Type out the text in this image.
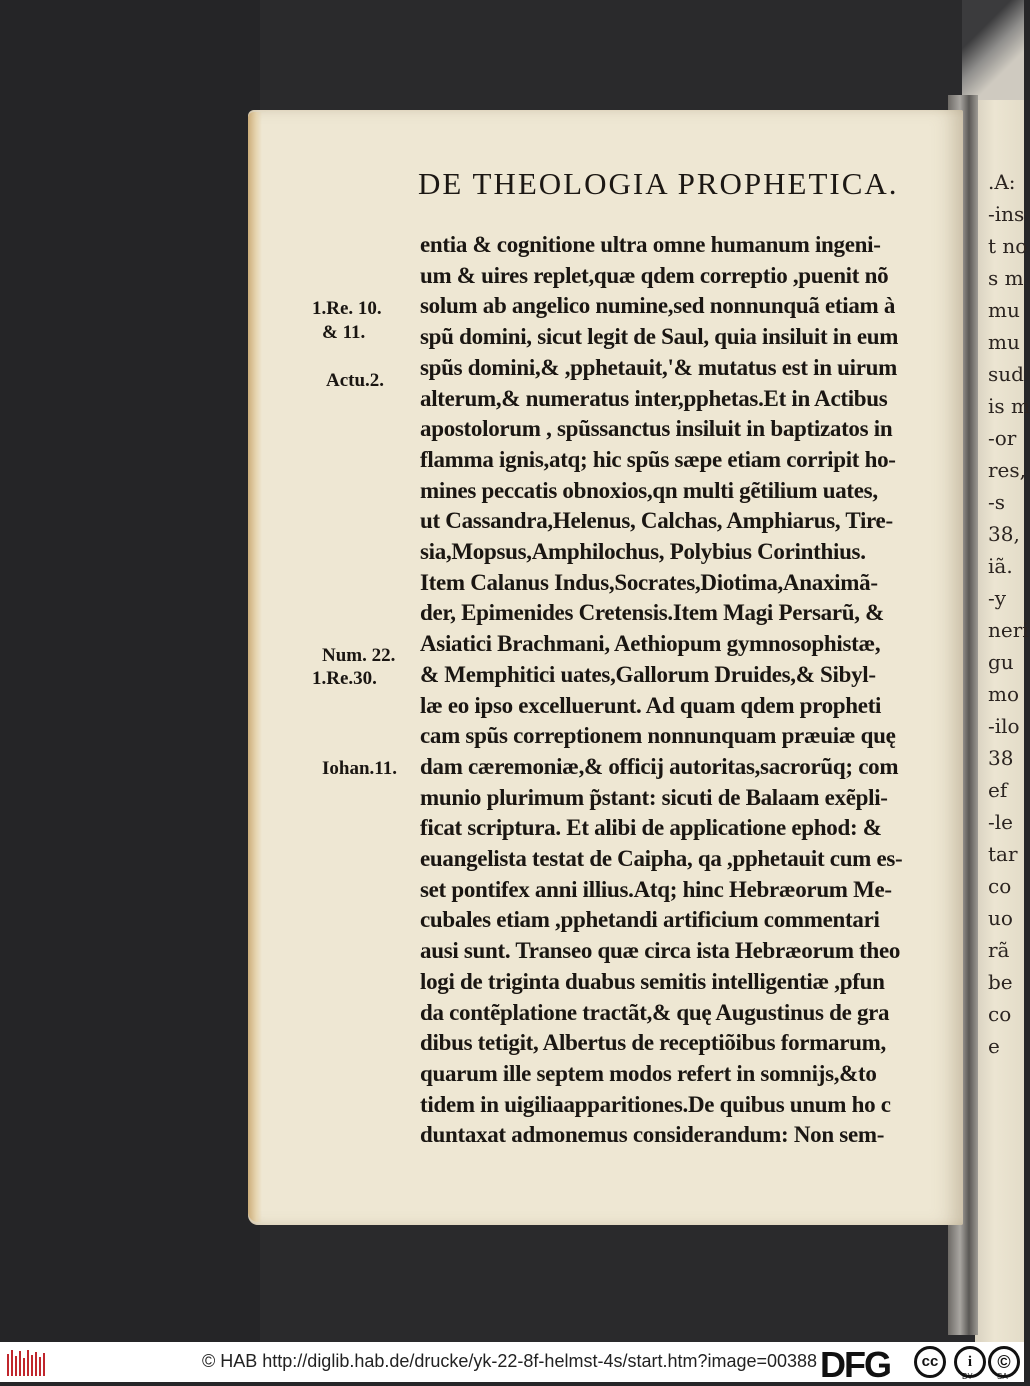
.A:
-ins
t no
s m
mu
mu
sud
is m
-or
res,
-s
38,
iã.
-y
neri
gu
mo
-ilo
38
ef
-le
tar
co
uo
rã
be
co
e
DE THEOLOGIA PROPHETICA.
entia & cognitione ultra omne humanum ingeni-
um & uires replet,quæ qdem correptio ,puenit nõ
solum ab angelico numine,sed nonnunquã etiam à
spũ domini, sicut legit de Saul, quia insiluit in eum
spũs domini,& ,pphetauit,'& mutatus est in uirum
alterum,& numeratus inter,pphetas.Et in Actibus
apostolorum , spũssanctus insiluit in baptizatos in
flamma ignis,atq; hic spũs sæpe etiam corripit ho-
mines peccatis obnoxios,qn multi gẽtilium uates,
ut Cassandra,Helenus, Calchas, Amphiarus, Tire-
sia,Mopsus,Amphilochus, Polybius Corinthius.
Item Calanus Indus,Socrates,Diotima,Anaximã-
der, Epimenides Cretensis.Item Magi Persarũ, &
Asiatici Brachmani, Aethiopum gymnosophistæ,
& Memphitici uates,Gallorum Druides,& Sibyl-
læ eo ipso excelluerunt. Ad quam qdem propheti
cam spũs correptionem nonnunquam præuiæ quę
dam cæremoniæ,& officij autoritas,sacrorũq; com
munio plurimum p̃stant: sicuti de Balaam exẽpli-
ficat scriptura. Et alibi de applicatione ephod: &
euangelista testat de Caipha, qa ,pphetauit cum es-
set pontifex anni illius.Atq; hinc Hebræorum Me-
cubales etiam ,pphetandi artificium commentari
ausi sunt. Transeo quæ circa ista Hebræorum theo
logi de triginta duabus semitis intelligentiæ ,pfun
da contẽplatione tractãt,& quę Augustinus de gra
dibus tetigit, Albertus de receptiõibus formarum,
quarum ille septem modos refert in somnijs,&to
tidem in uigiliaapparitiones.De quibus unum ho c
duntaxat admonemus considerandum: Non sem-
1.Re. 10.
& 11.
Actu.2.
Num. 22.
1.Re.30.
Iohan.11.
© HAB http://diglib.hab.de/drucke/yk-22-8f-helmst-4s/start.htm?image=00388 DFG	cc	i	©
BY	SA
